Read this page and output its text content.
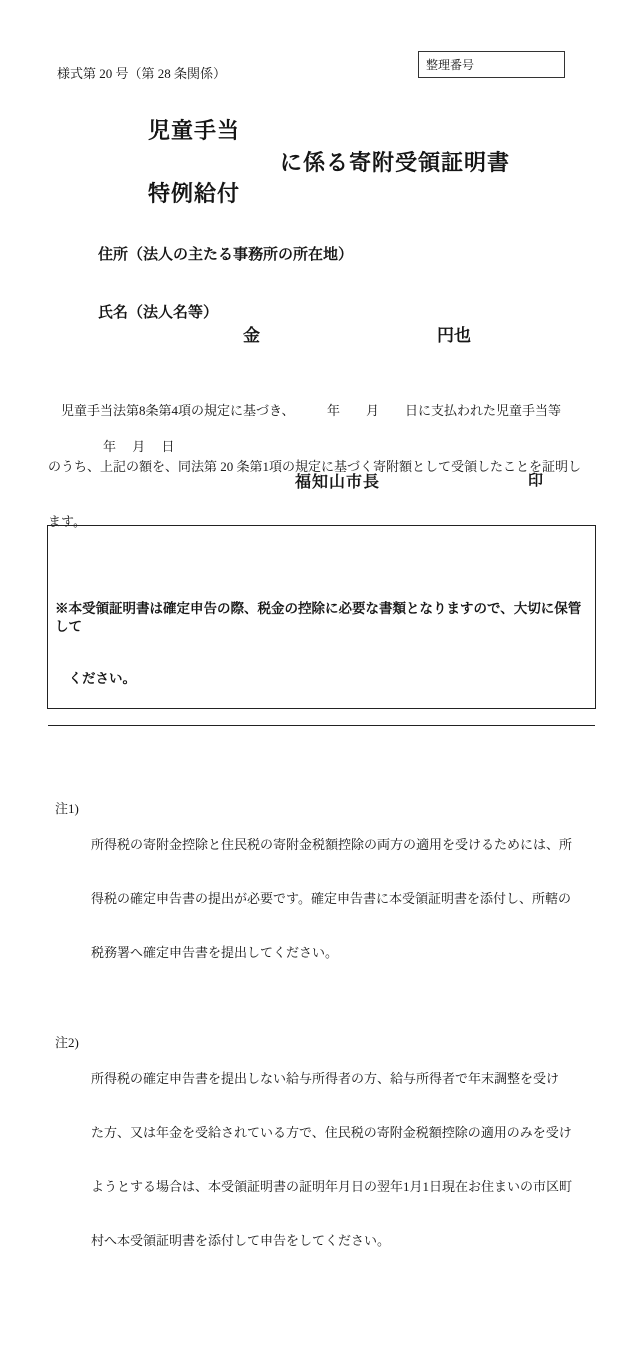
様式第 20 号（第 28 条関係）

整理番号

児童手当
に係る寄附受領証明書
特例給付
住所（法人の主たる事務所の所在地）
氏名（法人名等）
金	円也

　児童手当法第8条第4項の規定に基づき、　　　年　　月　　日に支払われた児童手当等

のうち、上記の額を、同法第 20 条第1項の規定に基づく寄附額として受領したことを証明し

ます。

年　 月　 日
福知山市長	印

※本受領証明書は確定申告の際、税金の控除に必要な書類となりますので、大切に保管して

　ください。

注1)

所得税の寄附金控除と住民税の寄附金税額控除の両方の適用を受けるためには、所

得税の確定申告書の提出が必要です。確定申告書に本受領証明書を添付し、所轄の

税務署へ確定申告書を提出してください。

注2)

所得税の確定申告書を提出しない給与所得者の方、給与所得者で年末調整を受け

た方、又は年金を受給されている方で、住民税の寄附金税額控除の適用のみを受け

ようとする場合は、本受領証明書の証明年月日の翌年1月1日現在お住まいの市区町

村へ本受領証明書を添付して申告をしてください。
